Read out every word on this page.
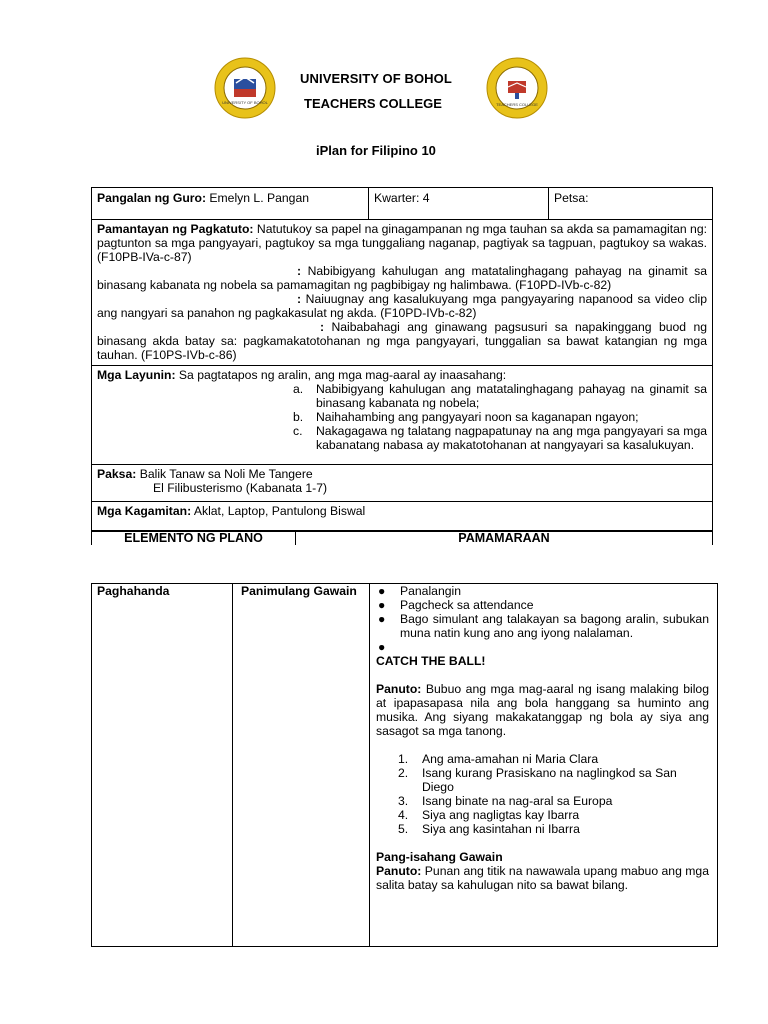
UNIVERSITY OF BOHOL
UNIVERSITY OF BOHOL
TEACHERS COLLEGE	TEACHERS COLLEGE
iPlan for Filipino 10
Pangalan ng Guro: Emelyn L. Pangan	Kwarter: 4	Petsa:

Pamantayan ng Pagkatuto: Natutukoy sa papel na ginagampanan ng mga tauhan sa akda sa pamamagitan ng: pagtunton sa mga pangyayari, pagtukoy sa mga tunggaliang naganap, pagtiyak sa tagpuan, pagtukoy sa wakas. (F10PB-IVa-c-87)

: Nabibigyang kahulugan ang matatalinghagang pahayag na ginamit sa binasang kabanata ng nobela sa pamamagitan ng pagbibigay ng halimbawa. (F10PD-IVb-c-82)

: Naiuugnay ang kasalukuyang mga pangyayaring napanood sa video clip ang nangyari sa panahon ng pagkakasulat ng akda. (F10PD-IVb-c-82)

: Naibabahagi ang ginawang pagsusuri sa napakinggang buod ng binasang akda batay sa: pagkamakatotohanan ng mga pangyayari, tunggalian sa bawat katangian ng mga tauhan. (F10PS-IVb-c-86)

Mga Layunin: Sa pagtatapos ng aralin, ang mga mag-aaral ay inaasahang:

a. Nabibigyang kahulugan ang matatalinghagang pahayag na ginamit sa binasang kabanata ng nobela;
b. Naihahambing ang pangyayari noon sa kaganapan ngayon;
c. Nakagagawa ng talatang nagpapatunay na ang mga pangyayari sa mga kabanatang nabasa ay makatotohanan at nangyayari sa kasalukuyan.
Paksa: Balik Tanaw sa Noli Me Tangere
El Filibusterismo (Kabanata 1-7)
Mga Kagamitan: Aklat, Laptop, Pantulong Biswal
ELEMENTO NG PLANO	PAMAMARAAN
Paghahanda	Panimulang Gawain	● Panalangin
● Pagcheck sa attendance
● Bago simulant ang talakayan sa bagong aralin, subukan muna natin kung ano ang iyong nalalaman.
●

CATCH THE BALL!

Panuto: Bubuo ang mga mag-aaral ng isang malaking bilog at ipapasapasa nila ang bola hanggang sa huminto ang musika. Ang siyang makakatanggap ng bola ay siya ang sasagot sa mga tanong.

1. Ang ama-amahan ni Maria Clara
2. Isang kurang Prasiskano na naglingkod sa San Diego
3. Isang binate na nag-aral sa Europa
4. Siya ang nagligtas kay Ibarra
5. Siya ang kasintahan ni Ibarra

Pang-isahang Gawain

Panuto: Punan ang titik na nawawala upang mabuo ang mga salita batay sa kahulugan nito sa bawat bilang.
